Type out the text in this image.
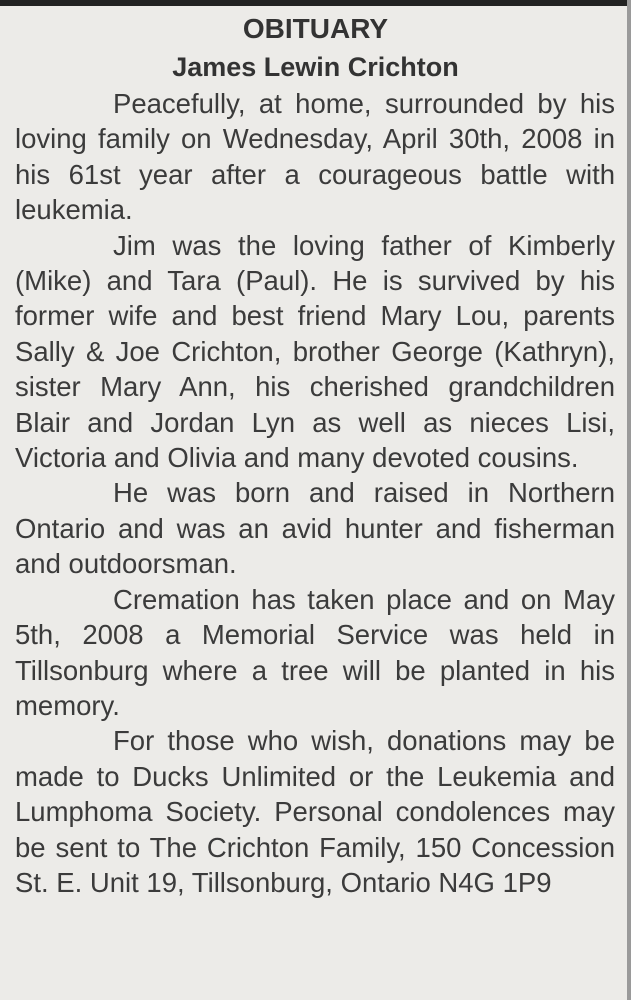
OBITUARY
James Lewin Crichton

Peacefully, at home, surrounded by his loving family on Wednesday, April 30th, 2008 in his 61st year after a courageous battle with leukemia.

Jim was the loving father of Kimberly (Mike) and Tara (Paul). He is survived by his former wife and best friend Mary Lou, parents Sally & Joe Crichton, brother George (Kathryn), sister Mary Ann, his cherished grandchildren Blair and Jordan Lyn as well as nieces Lisi, Victoria and Olivia and many devoted cousins.

He was born and raised in Northern Ontario and was an avid hunter and fisherman and outdoorsman.

Cremation has taken place and on May 5th, 2008 a Memorial Service was held in Tillsonburg where a tree will be planted in his memory.

For those who wish, donations may be made to Ducks Unlimited or the Leukemia and Lumphoma Society. Personal condolences may be sent to The Crichton Family, 150 Concession St. E. Unit 19, Tillsonburg, Ontario N4G 1P9
